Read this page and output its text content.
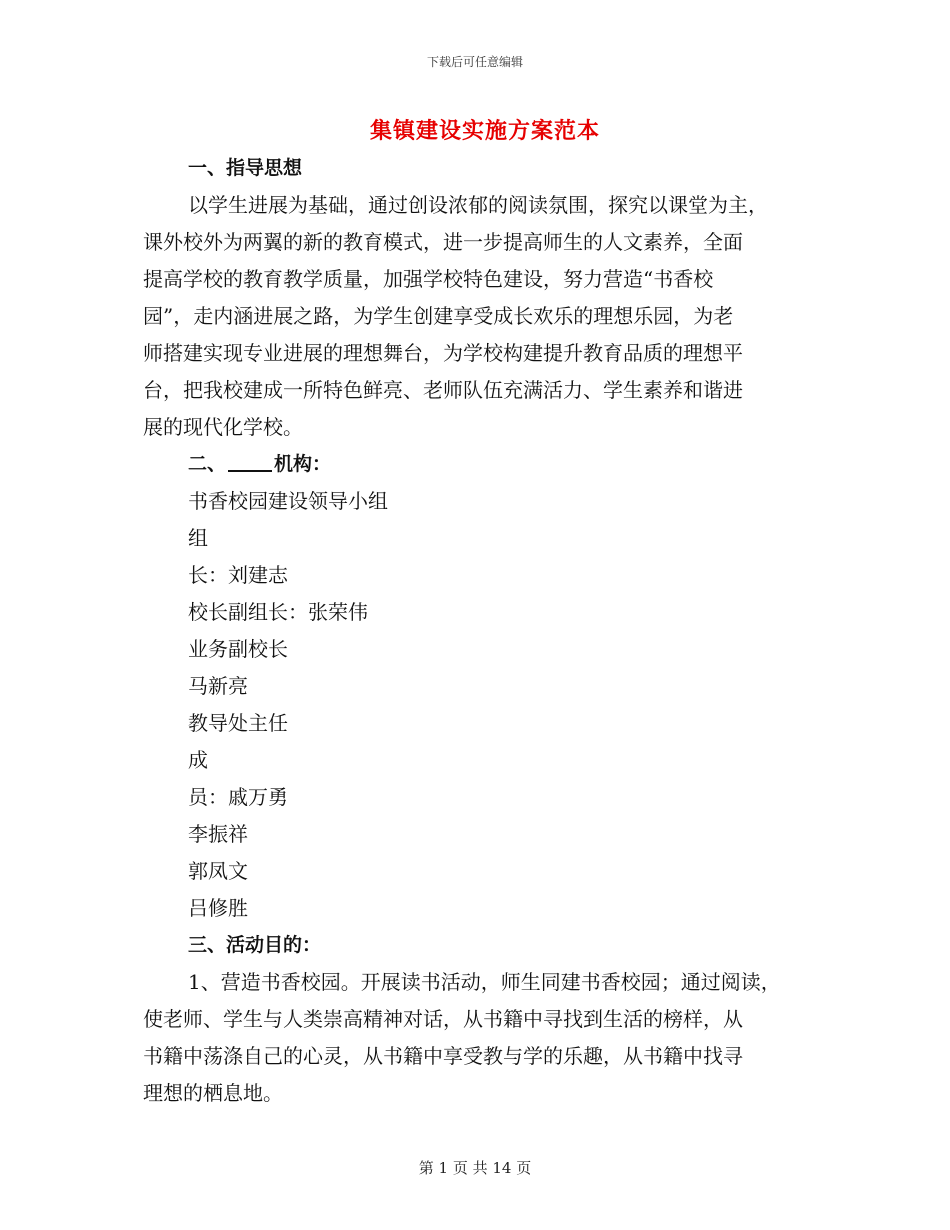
下载后可任意编辑
集镇建设实施方案范本
一、指导思想
以学生进展为基础，通过创设浓郁的阅读氛围，探究以课堂为主，
课外校外为两翼的新的教育模式，进一步提高师生的人文素养，全面
提高学校的教育教学质量，加强学校特色建设，努力营造“书香校
园”，走内涵进展之路，为学生创建享受成长欢乐的理想乐园，为老
师搭建实现专业进展的理想舞台，为学校构建提升教育品质的理想平
台，把我校建成一所特色鲜亮、老师队伍充满活力、学生素养和谐进
展的现代化学校。
二、	机构：
书香校园建设领导小组
组
长：刘建志
校长副组长：张荣伟
业务副校长
马新亮
教导处主任
成
员：戚万勇
李振祥
郭凤文
吕修胜
三、活动目的：
1、营造书香校园。开展读书活动，师生同建书香校园；通过阅读，
使老师、学生与人类崇高精神对话，从书籍中寻找到生活的榜样，从
书籍中荡涤自己的心灵，从书籍中享受教与学的乐趣，从书籍中找寻
理想的栖息地。
第 1 页 共 14 页
